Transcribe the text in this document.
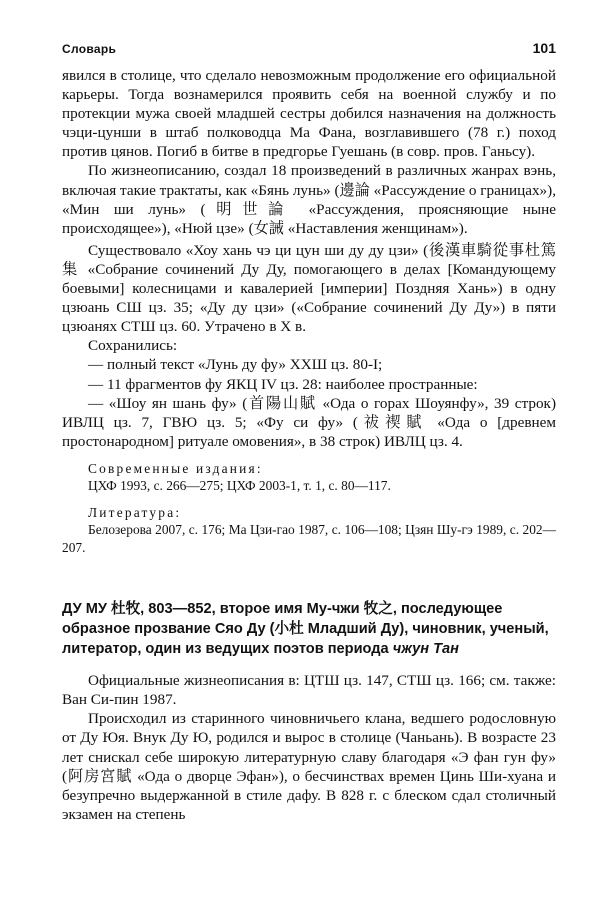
Словарь	101

явился в столице, что сделало невозможным продолжение его официальной карьеры. Тогда вознамерился проявить себя на военной службу и по протекции мужа своей младшей сестры добился назначения на должность чэци-цунши в штаб полководца Ма Фана, возглавившего (78 г.) поход против цянов. Погиб в битве в предгорье Гуешань (в совр. пров. Ганьсу).

По жизнеописанию, создал 18 произведений в различных жанрах вэнь, включая такие трактаты, как «Бянь лунь» (邊論 «Рассуждение о границах»), «Мин ши лунь» (明世論 «Рассуждения, проясняющие ныне происходящее»), «Нюй цзе» (女誡 «Наставления женщинам»).

Существовало «Хоу хань чэ ци цун ши ду ду цзи» (後漢車騎從事杜篤集 «Собрание сочинений Ду Ду, помогающего в делах [Командующему боевыми] колесницами и кавалерией [империи] Поздняя Хань») в одну цзюань СШ цз. 35; «Ду ду цзи» («Собрание сочинений Ду Ду») в пяти цзюанях СТШ цз. 60. Утрачено в X в.

Сохранились:

— полный текст «Лунь ду фу» ХХШ цз. 80-I;

— 11 фрагментов фу ЯКЦ IV цз. 28: наиболее пространные:

— «Шоу ян шань фу» (首陽山賦 «Ода о горах Шоуянфу», 39 строк) ИВЛЦ цз. 7, ГВЮ цз. 5; «Фу си фу» (祓禊賦 «Ода о [древнем простонародном] ритуале омовения», в 38 строк) ИВЛЦ цз. 4.

Современные издания:

ЦХФ 1993, с. 266—275; ЦХФ 2003-1, т. 1, с. 80—117.

Литература:

Белозерова 2007, с. 176; Ма Цзи-гао 1987, с. 106—108; Цзян Шу-гэ 1989, с. 202—207.

ДУ МУ 杜牧, 803—852, второе имя Му-чжи 牧之, последующее образное прозвание Сяо Ду (小杜 Младший Ду), чиновник, ученый, литератор, один из ведущих поэтов периода чжун Тан

Официальные жизнеописания в: ЦТШ цз. 147, СТШ цз. 166; см. также: Ван Си-пин 1987.

Происходил из старинного чиновничьего клана, ведшего родословную от Ду Юя. Внук Ду Ю, родился и вырос в столице (Чаньань). В возрасте 23 лет снискал себе широкую литературную славу благодаря «Э фан гун фу» (阿房宮賦 «Ода о дворце Эфан»), о бесчинствах времен Цинь Ши-хуана и безупречно выдержанной в стиле дафу. В 828 г. с блеском сдал столичный экзамен на степень
